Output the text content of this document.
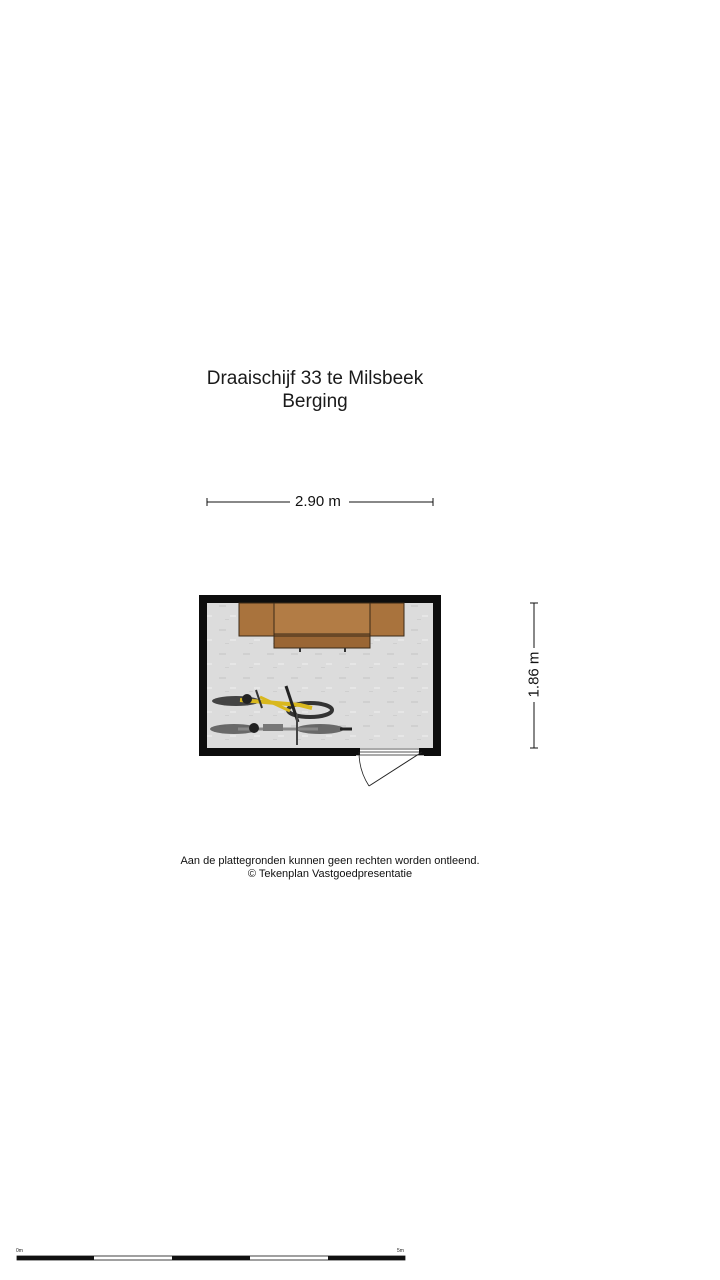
Draaischijf 33 te Milsbeek
Berging
2.90 m
1.86 m
Aan de plattegronden kunnen geen rechten worden ontleend.
© Tekenplan Vastgoedpresentatie
0m	5m
